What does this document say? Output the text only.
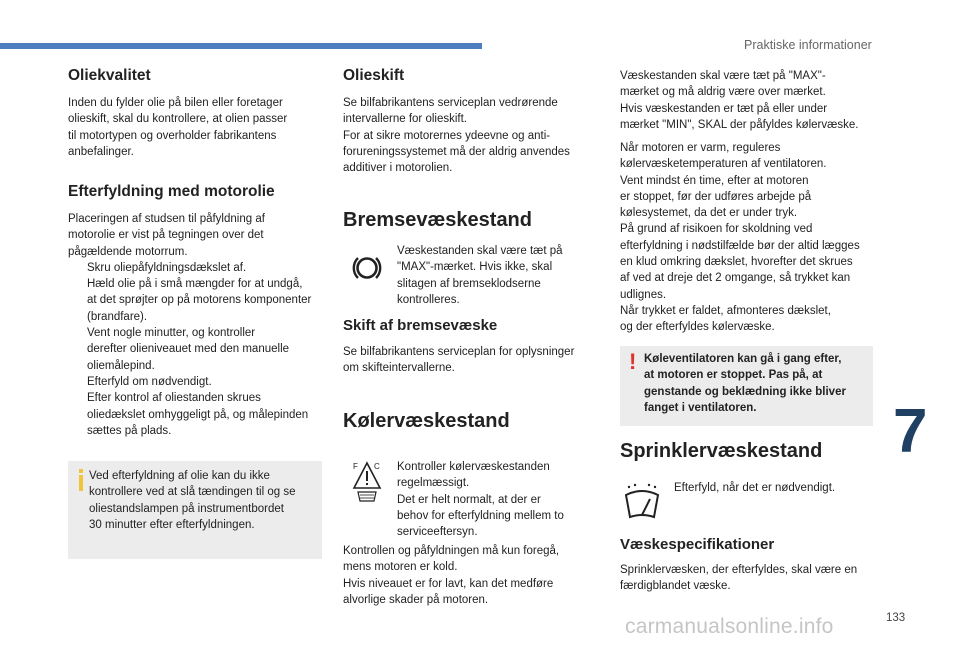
Praktiske informationer
Oliekvalitet
Inden du fylder olie på bilen eller foretager
olieskift, skal du kontrollere, at olien passer
til motortypen og overholder fabrikantens
anbefalinger.
Efterfyldning med motorolie
Placeringen af studsen til påfyldning af
motorolie er vist på tegningen over det
pågældende motorrum.
Skru oliepåfyldningsdækslet af.
Hæld olie på i små mængder for at undgå,
at det sprøjter op på motorens komponenter
(brandfare).
Vent nogle minutter, og kontroller
derefter olieniveauet med den manuelle
oliemålepind.
Efterfyld om nødvendigt.
Efter kontrol af oliestanden skrues
oliedækslet omhyggeligt på, og målepinden
sættes på plads.
Ved efterfyldning af olie kan du ikke
kontrollere ved at slå tændingen til og se
oliestandslampen på instrumentbordet
30 minutter efter efterfyldningen.
Olieskift
Se bilfabrikantens serviceplan vedrørende
intervallerne for olieskift.
For at sikre motorernes ydeevne og anti-
forureningssystemet må der aldrig anvendes
additiver i motorolien.
Bremsevæskestand
Væskestanden skal være tæt på
"MAX"-mærket. Hvis ikke, skal
slitagen af bremseklodserne
kontrolleres.
Skift af bremsevæske
Se bilfabrikantens serviceplan for oplysninger
om skifteintervallerne.
Kølervæskestand
F C Kontroller kølervæskestanden
regelmæssigt.
Det er helt normalt, at der er
behov for efterfyldning mellem to
serviceeftersyn.
Kontrollen og påfyldningen må kun foregå,
mens motoren er kold.
Hvis niveauet er for lavt, kan det medføre
alvorlige skader på motoren.
Væskestanden skal være tæt på "MAX"-
mærket og må aldrig være over mærket.
Hvis væskestanden er tæt på eller under
mærket "MIN", SKAL der påfyldes kølervæske.
Når motoren er varm, reguleres
kølervæsketemperaturen af ventilatoren.
Vent mindst én time, efter at motoren
er stoppet, før der udføres arbejde på
kølesystemet, da det er under tryk.
På grund af risikoen for skoldning ved
efterfyldning i nødstilfælde bør der altid lægges
en klud omkring dækslet, hvorefter det skrues
af ved at dreje det 2 omgange, så trykket kan
udlignes.
Når trykket er faldet, afmonteres dækslet,
og der efterfyldes kølervæske.
! Køleventilatoren kan gå i gang efter,
at motoren er stoppet. Pas på, at
genstande og beklædning ikke bliver
fanget i ventilatoren.
Sprinklervæskestand
Efterfyld, når det er nødvendigt.
Væskespecifikationer
Sprinklervæsken, der efterfyldes, skal være en
færdigblandet væske.
7
carmanualsonline.info	133
